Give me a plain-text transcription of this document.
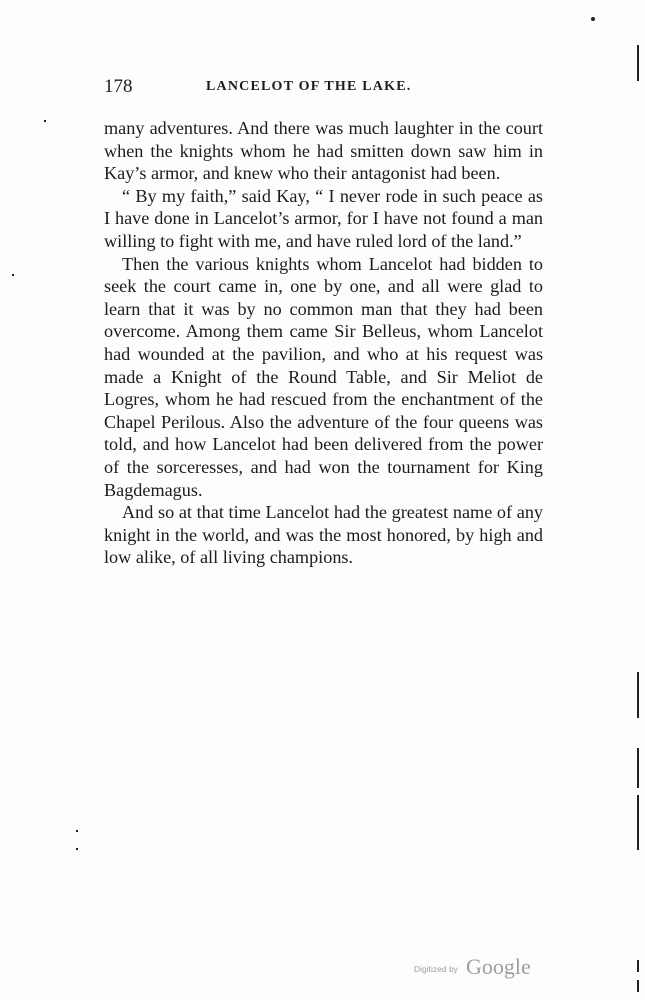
178	LANCELOT OF THE LAKE.
many adventures. And there was much laughter in the court when the knights whom he had smitten down saw him in Kay’s armor, and knew who their antagonist had been.
“ By my faith,” said Kay, “ I never rode in such peace as I have done in Lancelot’s armor, for I have not found a man willing to fight with me, and have ruled lord of the land.”
Then the various knights whom Lancelot had bidden to seek the court came in, one by one, and all were glad to learn that it was by no common man that they had been overcome. Among them came Sir Belleus, whom Lancelot had wounded at the pavilion, and who at his request was made a Knight of the Round Table, and Sir Meliot de Logres, whom he had rescued from the enchantment of the Chapel Perilous. Also the adventure of the four queens was told, and how Lancelot had been delivered from the power of the sorceresses, and had won the tournament for King Bagdemagus.
And so at that time Lancelot had the greatest name of any knight in the world, and was the most honored, by high and low alike, of all living champions.
Digitized by Google
